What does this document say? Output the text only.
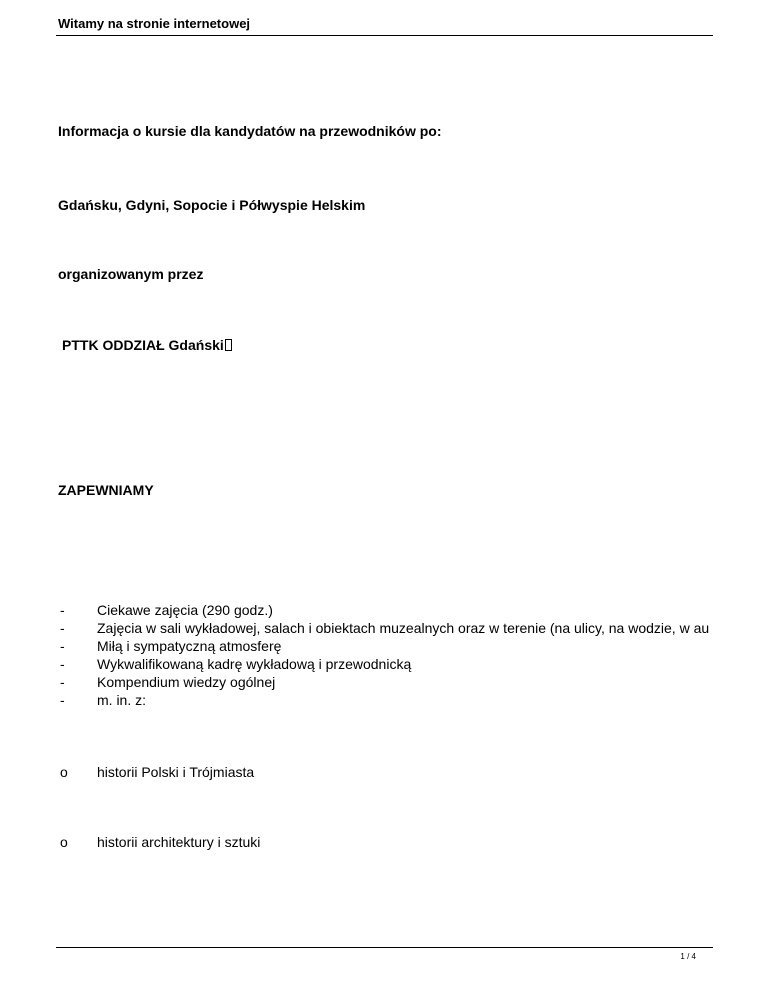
Witamy na stronie internetowej
Informacja o kursie dla kandydatów na przewodników po:
Gdańsku, Gdyni, Sopocie i Półwyspie Helskim
organizowanym przez
PTTK ODDZIAŁ Gdański
ZAPEWNIAMY
- Ciekawe zajęcia (290 godz.)
- Zajęcia w sali wykładowej, salach i obiektach muzealnych oraz w terenie (na ulicy, na wodzie, w au
- Miłą i sympatyczną atmosferę
- Wykwalifikowaną kadrę wykładową i przewodnicką
- Kompendium wiedzy ogólnej
- m. in. z:
o historii Polski i Trójmiasta
o historii architektury i sztuki
1 / 4
